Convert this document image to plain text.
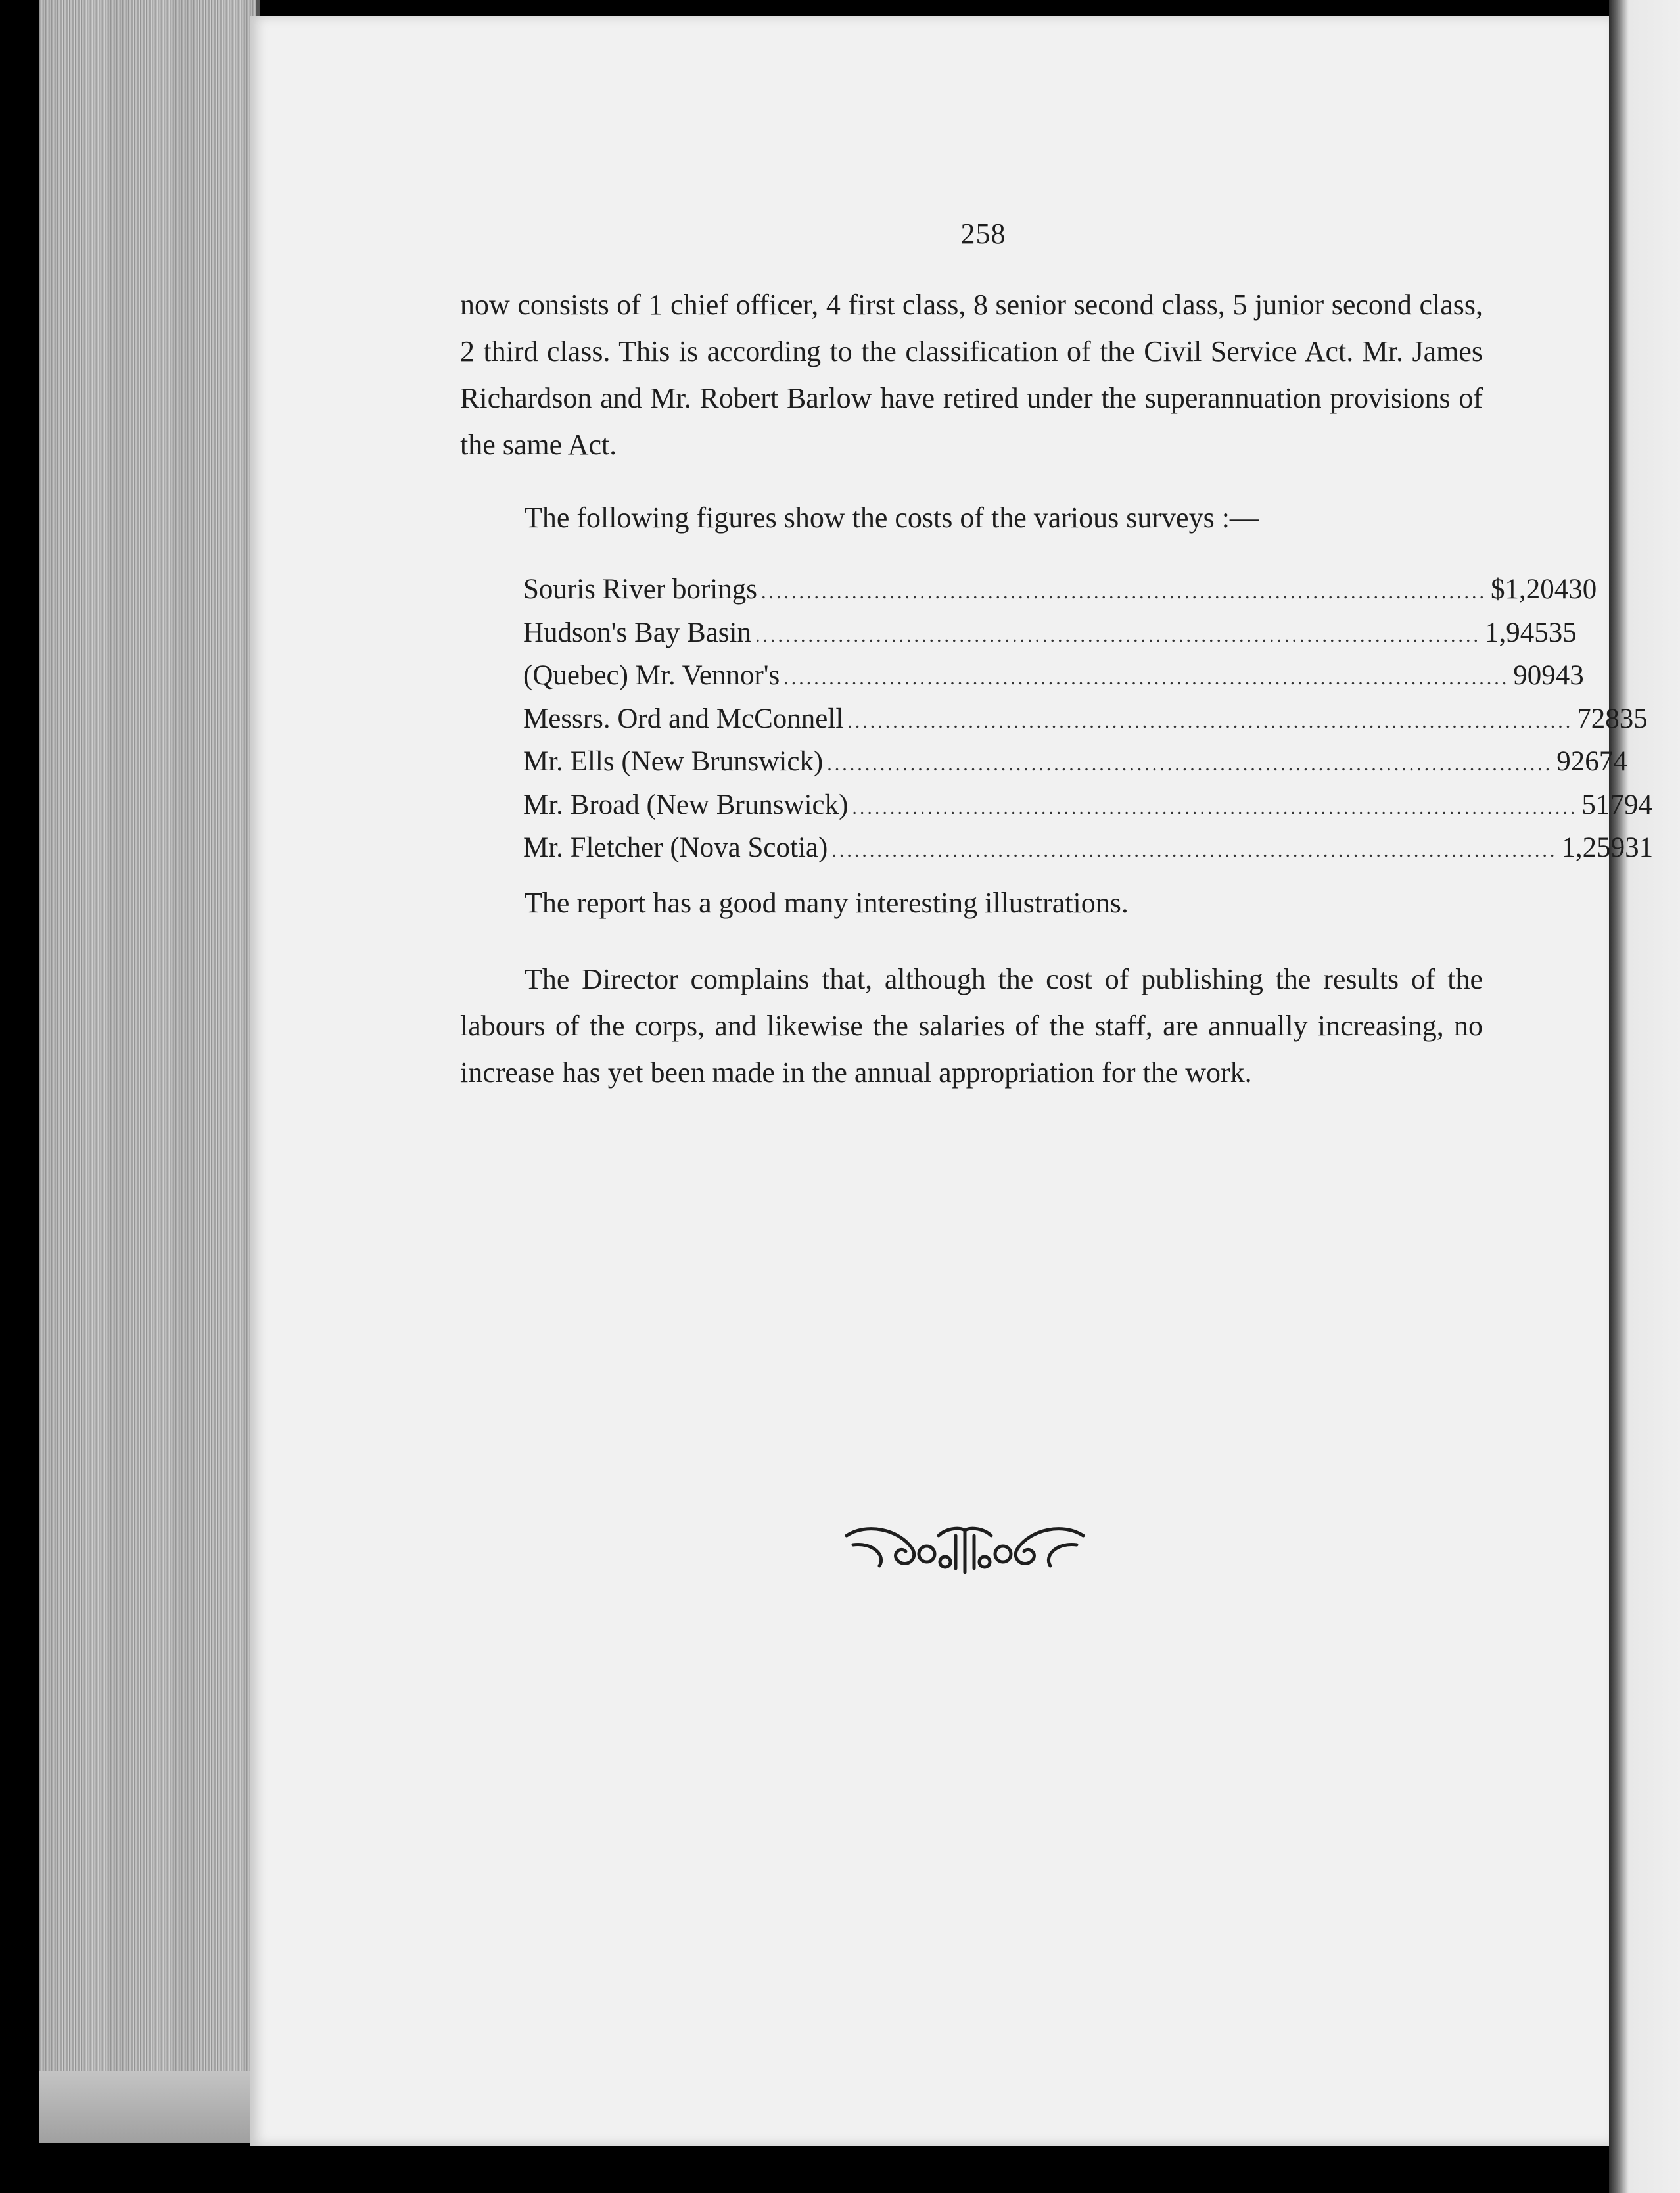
258

now consists of 1 chief officer, 4 first class, 8 senior second class, 5 junior second class, 2 third class. This is according to the classification of the Civil Service Act. Mr. James Richardson and Mr. Robert Barlow have retired under the superannuation provisions of the same Act.

The following figures show the costs of the various surveys :—

Souris River borings ................................................................................................ $1,204 30
Hudson's Bay Basin ................................................................................................ 1,945 35
(Quebec) Mr. Vennor's ................................................................................................ 909 43
Messrs. Ord and McConnell ................................................................................................ 728 35
Mr. Ells (New Brunswick) ................................................................................................ 926 74
Mr. Broad (New Brunswick) ................................................................................................ 517 94
Mr. Fletcher (Nova Scotia) ................................................................................................ 1,259 31

The report has a good many interesting illustrations.

The Director complains that, although the cost of publishing the results of the labours of the corps, and likewise the salaries of the staff, are annually increasing, no increase has yet been made in the annual appropriation for the work.
